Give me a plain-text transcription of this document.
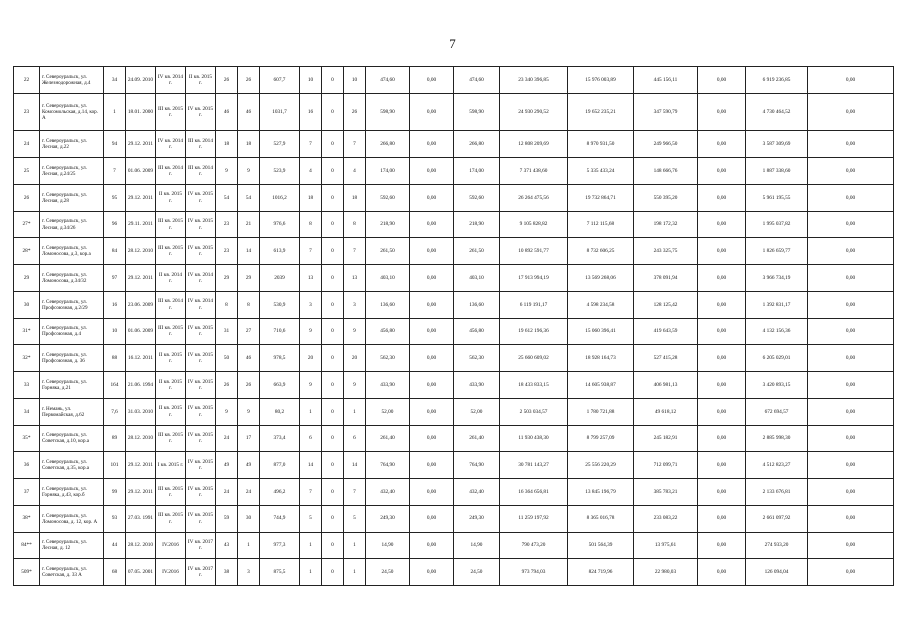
7
22	г. Североуральск, ул. Железнодорожная, д.4	34	24.09. 2010	IV кв. 2014 г.	II кв. 2015 г.	26	26	607,7	10	0	10	474,60	0,00	474,60	23 340 396,85	15 976 003,89	445 156,11	0,00	6 919 236,85	0,00
23	г. Североуральск, ул. Комсомольская, д.14, кор. А	1	18.01. 2000	III кв. 2015 г.	IV кв. 2015 г.	46	46	1031,7	16	0	26	598,90	0,00	598,90	24 930 290,52	19 652 235,21	347 590,79	0,00	4 730 464,52	0,00
24	г. Североуральск, ул. Лесная, д.22	94	29.12. 2011	IV кв. 2014 г.	III кв. 2014 г.	18	18	527,9	7	0	7	266,80	0,00	266,80	12 808 209,69	8 970 931,50	249 966,50	0,00	3 587 309,69	0,00
25	г. Североуральск, ул. Лесная, д.24/25	7	01.06. 2009	III кв. 2014 г.	III кв. 2014 г.	9	9	523,9	4	0	4	174,00	0,00	174,00	7 371 438,60	5 335 433,24	148 666,76	0,00	1 887 338,60	0,00
26	г. Североуральск, ул. Лесная, д.28	95	29.12. 2011	II кв. 2015 г.	IV кв. 2015 г.	54	54	1016,2	18	0	18	592,60	0,00	592,60	26 264 475,56	19 732 864,71	550 395,20	0,00	5 961 195,55	0,00
27*	г. Североуральск, ул. Лесная, д.34/26	96	29.11. 2011	III кв. 2015 г.	IV кв. 2015 г.	23	21	976,6	8	0	8	218,90	0,00	218,90	9 105 828,82	7 112 115,68	198 172,32	0,00	1 995 037,82	0,00
28*	г. Североуральск, ул. Ломоносова, д.3, кор.а	84	28.12. 2010	III кв. 2015 г.	IV кв. 2015 г.	23	14	613,9	7	0	7	261,50	0,00	261,50	10 892 591,77	8 732 606,25	243 325,75	0,00	1 826 659,77	0,00
29	г. Североуральск, ул. Ломоносова, д.34/32	97	29.12. 2011	II кв. 2014 г.	IV кв. 2014 г.	29	29	2039	13	0	13	403,10	0,00	403,10	17 913 994,19	13 569 268,06	378 091,94	0,00	3 966 734,19	0,00
30	г. Североуральск, ул. Профсоюзная, д.2/29	16	23.06. 2009	III кв. 2014 г.	IV кв. 2014 г.	8	8	530,9	3	0	3	136,60	0,00	136,60	6 119 191,17	4 598 234,58	128 125,42	0,00	1 392 831,17	0,00
31*	г. Североуральск, ул. Профсоюзная, д.4	10	01.06. 2009	III кв. 2015 г.	IV кв. 2015 г.	31	27	710,6	9	0	9	456,80	0,00	456,80	19 612 196,36	15 060 396,41	419 643,59	0,00	4 132 156,36	0,00
32*	г. Североуральск, ул. Профсоюзная, д. 36	88	16.12. 2011	II кв. 2015 г.	IV кв. 2015 г.	50	46	978,5	20	0	20	562,30	0,00	562,30	25 660 609,02	18 928 164,73	527 415,28	0,00	6 205 029,01	0,00
33	г. Североуральск, ул. Горняка, д.21	164	21.06. 1994	II кв. 2015 г.	IV кв. 2015 г.	26	26	663,9	9	0	9	433,90	0,00	433,90	18 433 833,15	14 605 938,87	406 981,13	0,00	3 420 893,15	0,00
34	г. Немань, ул. Первомайская, д.62	7,6	31.03. 2010	II кв. 2015 г.	IV кв. 2015 г.	9	9	80,2	1	0	1	52,00	0,00	52,00	2 503 034,57	1 780 721,88	49 618,12	0,00	672 694,57	0,00
35*	г. Североуральск, ул. Советская, д.10, кор.а	89	28.12. 2010	III кв. 2015 г.	IV кв. 2015 г.	24	17	373,4	6	0	6	261,40	0,00	261,40	11 930 438,30	8 799 257,09	245 182,91	0,00	2 885 998,30	0,00
36	г. Североуральск, ул. Советская, д.35, кор.а	101	29.12. 2011	I кв. 2015 г.	IV кв. 2015 г.	49	49	877,0	14	0	14	764,90	0,00	764,90	30 781 143,27	25 556 220,29	712 099,71	0,00	4 512 823,27	0,00
37	г. Североуральск, ул. Горняка, д.43, кор.б	99	29.12. 2011	III кв. 2015 г.	IV кв. 2015 г.	24	24	496,2	7	0	7	432,40	0,00	432,40	16 364 656,81	13 845 196,79	385 783,21	0,00	2 133 676,81	0,00
38*	г. Североуральск, ул. Ломоносова, д. 12, кор. А	93	27.03. 1991	III кв. 2015 г.	IV кв. 2015 г.	59	30	744,9	5	0	5	249,30	0,00	249,30	11 259 197,92	8 365 016,78	233 083,22	0,00	2 661 097,92	0,00
84**	г. Североуральск, ул. Лесная, д. 12	44	28.12. 2010	IV.2016	IV кв. 2017 г.	43	1	977,3	1	0	1	14,90	0,00	14,90	790 473,20	501 564,39	13 975,61	0,00	274 933,20	0,00
509*	г. Североуральск, ул. Советская, д. 33 А	68	07.05. 2001	IV.2016	IV кв. 2017 г.	38	3	875,5	1	0	1	24,50	0,00	24,50	973 794,03	824 719,96	22 980,03	0,00	126 094,04	0,00
